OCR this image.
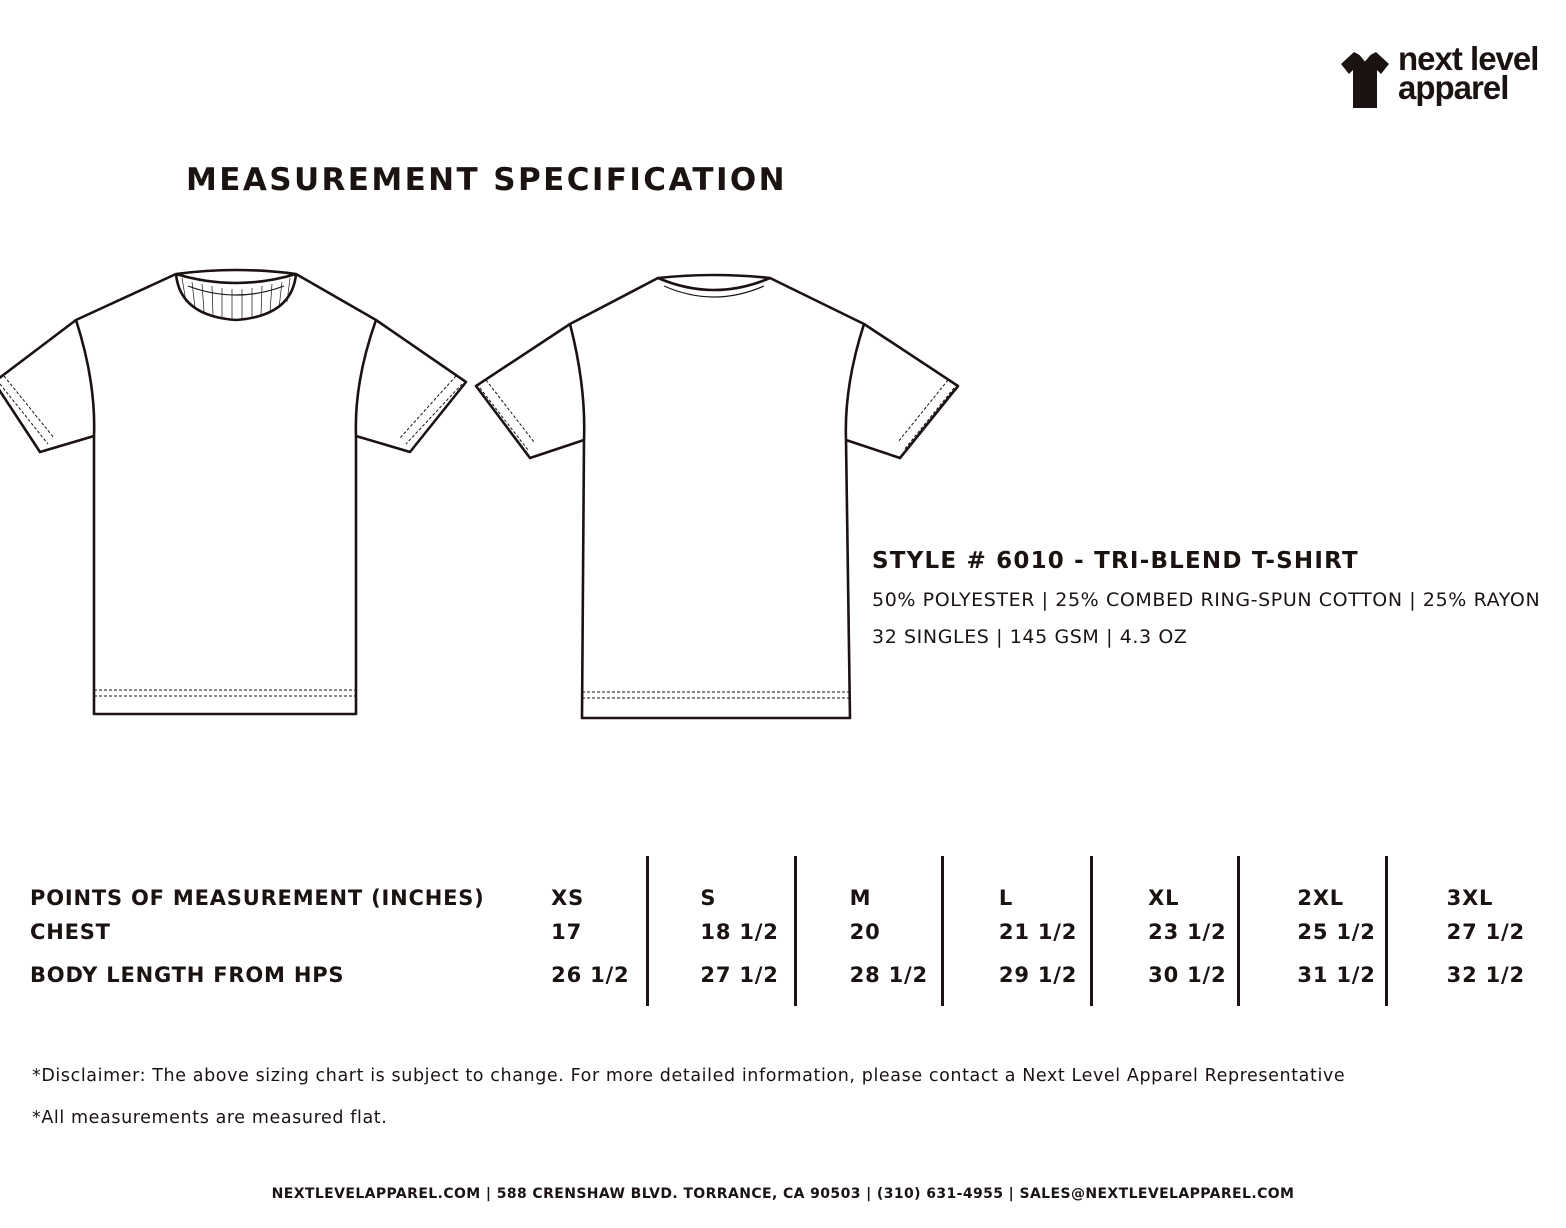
next level
apparel
MEASUREMENT SPECIFICATION
STYLE # 6010 - TRI-BLEND T-SHIRT
50% POLYESTER | 25% COMBED RING-SPUN COTTON | 25% RAYON
32 SINGLES | 145 GSM | 4.3 OZ
POINTS OF MEASUREMENT (INCHES)	XS	S	M	L	XL	2XL	3XL
CHEST	17	18 1/2	20	21 1/2	23 1/2	25 1/2	27 1/2
BODY LENGTH FROM HPS	26 1/2	27 1/2	28 1/2	29 1/2	30 1/2	31 1/2	32 1/2
*Disclaimer: The above sizing chart is subject to change. For more detailed information, please contact a Next Level Apparel Representative
*All measurements are measured flat.
NEXTLEVELAPPAREL.COM | 588 CRENSHAW BLVD. TORRANCE, CA 90503 | (310) 631-4955 | SALES@NEXTLEVELAPPAREL.COM
